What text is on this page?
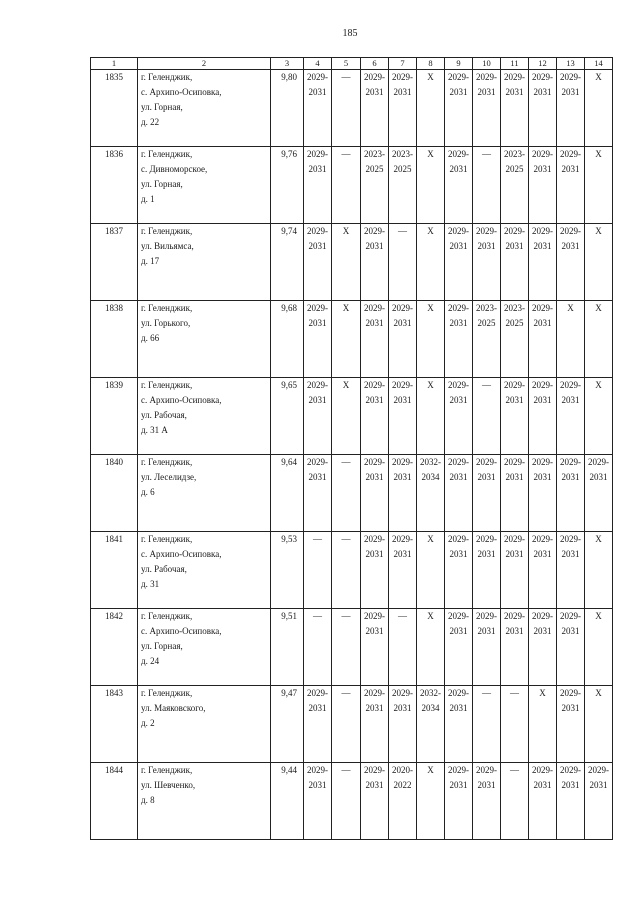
185
1	2	3	4	5	6	7	8	9	10	11	12	13	14
1835	г. Геленджик,
с. Архипо-Осиповка,
ул. Горная,
д. 22	9,80	2029-
2031	—	2029-
2031	2029-
2031	X	2029-
2031	2029-
2031	2029-
2031	2029-
2031	2029-
2031	X

1836	г. Геленджик,
с. Дивноморское,
ул. Горная,
д. 1	9,76	2029-
2031	—	2023-
2025	2023-
2025	X	2029-
2031	—	2023-
2025	2029-
2031	2029-
2031	X

1837	г. Геленджик,
ул. Вильямса,
д. 17	9,74	2029-
2031	X	2029-
2031	—	X	2029-
2031	2029-
2031	2029-
2031	2029-
2031	2029-
2031	X

1838	г. Геленджик,
ул. Горького,
д. 66	9,68	2029-
2031	X	2029-
2031	2029-
2031	X	2029-
2031	2023-
2025	2023-
2025	2029-
2031	X	X

1839	г. Геленджик,
с. Архипо-Осиповка,
ул. Рабочая,
д. 31 А	9,65	2029-
2031	X	2029-
2031	2029-
2031	X	2029-
2031	—	2029-
2031	2029-
2031	2029-
2031	X

1840	г. Геленджик,
ул. Леселидзе,
д. 6	9,64	2029-
2031	—	2029-
2031	2029-
2031	2032-
2034	2029-
2031	2029-
2031	2029-
2031	2029-
2031	2029-
2031	2029-
2031

1841	г. Геленджик,
с. Архипо-Осиповка,
ул. Рабочая,
д. 31	9,53	—	—	2029-
2031	2029-
2031	X	2029-
2031	2029-
2031	2029-
2031	2029-
2031	2029-
2031	X

1842	г. Геленджик,
с. Архипо-Осиповка,
ул. Горная,
д. 24	9,51	—	—	2029-
2031	—	X	2029-
2031	2029-
2031	2029-
2031	2029-
2031	2029-
2031	X

1843	г. Геленджик,
ул. Маяковского,
д. 2	9,47	2029-
2031	—	2029-
2031	2029-
2031	2032-
2034	2029-
2031	—	—	X	2029-
2031	X

1844	г. Геленджик,
ул. Шевченко,
д. 8	9,44	2029-
2031	—	2029-
2031	2020-
2022	X	2029-
2031	2029-
2031	—	2029-
2031	2029-
2031	2029-
2031
